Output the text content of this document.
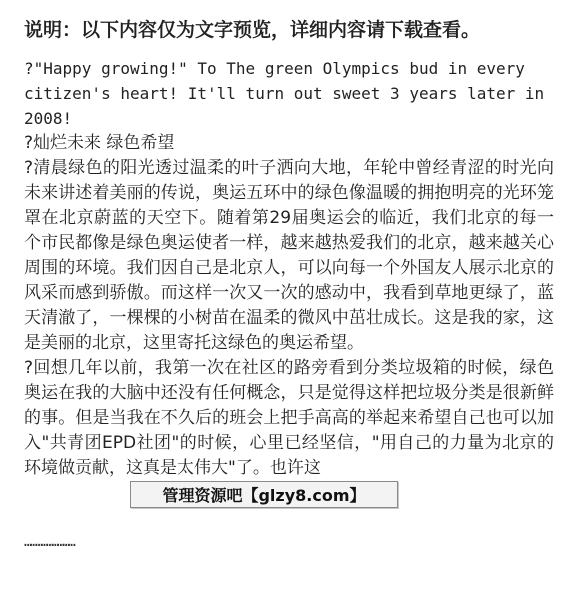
说明：以下内容仅为文字预览，详细内容请下载查看。

?"Happy growing!" To The green Olympics bud in every citizen's heart! It'll turn out sweet 3 years later in 2008!

?灿烂未来 绿色希望

?清晨绿色的阳光透过温柔的叶子洒向大地，年轮中曾经青涩的时光向未来讲述着美丽的传说，奥运五环中的绿色像温暖的拥抱明亮的光环笼罩在北京蔚蓝的天空下。随着第29届奥运会的临近，我们北京的每一个市民都像是绿色奥运使者一样，越来越热爱我们的北京，越来越关心周围的环境。我们因自己是北京人，可以向每一个外国友人展示北京的风采而感到骄傲。而这样一次又一次的感动中，我看到草地更绿了，蓝天清澈了，一棵棵的小树苗在温柔的微风中茁壮成长。这是我的家，这是美丽的北京，这里寄托这绿色的奥运希望。

?回想几年以前，我第一次在社区的路旁看到分类垃圾箱的时候，绿色奥运在我的大脑中还没有任何概念，只是觉得这样把垃圾分类是很新鲜的事。但是当我在不久后的班会上把手高高的举起来希望自己也可以加入"共青团EPD社团"的时候，心里已经坚信，"用自己的力量为北京的环境做贡献，这真是太伟大"了。也许这

………………………
管理资源吧【glzy8.com】
